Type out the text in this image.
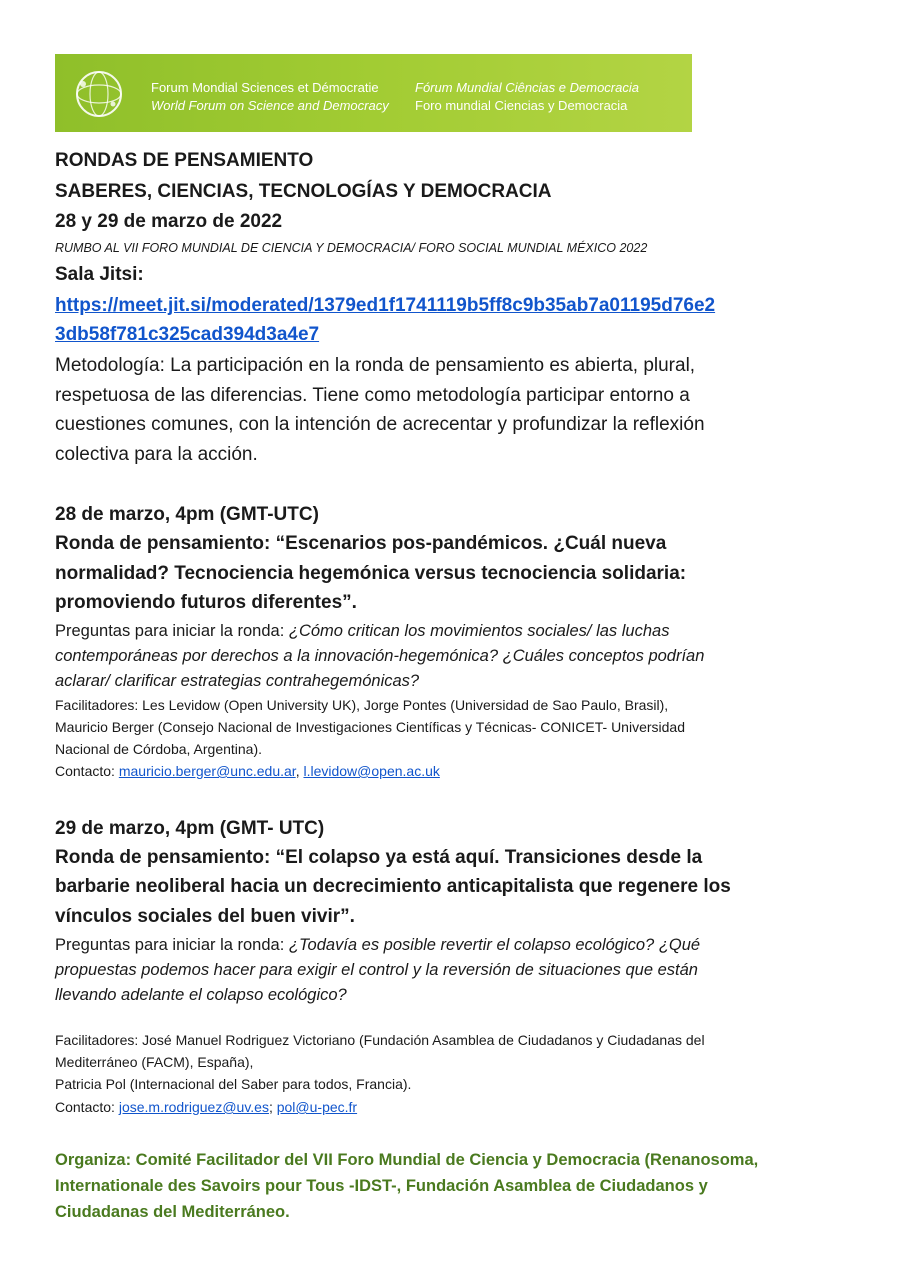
Forum Mondial Sciences et Démocratie
World Forum on Science and Democracy
Fórum Mundial Ciências e Democracia
Foro mundial Ciencias y Democracia
RONDAS DE PENSAMIENTO
SABERES, CIENCIAS, TECNOLOGÍAS Y DEMOCRACIA
28 y 29 de marzo de 2022
RUMBO AL VII FORO MUNDIAL DE CIENCIA Y DEMOCRACIA/ FORO SOCIAL MUNDIAL MÉXICO 2022
Sala Jitsi:
https://meet.jit.si/moderated/1379ed1f1741119b5ff8c9b35ab7a01195d76e2
3db58f781c325cad394d3a4e7
Metodología: La participación en la ronda de pensamiento es abierta, plural,
respetuosa de las diferencias. Tiene como metodología participar entorno a
cuestiones comunes, con la intención de acrecentar y profundizar la reflexión
colectiva para la acción.
28 de marzo, 4pm (GMT-UTC)
Ronda de pensamiento: “Escenarios pos-pandémicos. ¿Cuál nueva
normalidad? Tecnociencia hegemónica versus tecnociencia solidaria:
promoviendo futuros diferentes”.
Preguntas para iniciar la ronda: ¿Cómo critican los movimientos sociales/ las luchas
contemporáneas por derechos a la innovación-hegemónica? ¿Cuáles conceptos podrían
aclarar/ clarificar estrategias contrahegemónicas?
Facilitadores: Les Levidow (Open University UK), Jorge Pontes (Universidad de Sao Paulo, Brasil),
Mauricio Berger (Consejo Nacional de Investigaciones Científicas y Técnicas- CONICET- Universidad
Nacional de Córdoba, Argentina).
Contacto: mauricio.berger@unc.edu.ar, l.levidow@open.ac.uk
29 de marzo, 4pm (GMT- UTC)
Ronda de pensamiento: “El colapso ya está aquí. Transiciones desde la
barbarie neoliberal hacia un decrecimiento anticapitalista que regenere los
vínculos sociales del buen vivir”.
Preguntas para iniciar la ronda: ¿Todavía es posible revertir el colapso ecológico? ¿Qué
propuestas podemos hacer para exigir el control y la reversión de situaciones que están
llevando adelante el colapso ecológico?
Facilitadores: José Manuel Rodriguez Victoriano (Fundación Asamblea de Ciudadanos y Ciudadanas del
Mediterráneo (FACM), España),
Patricia Pol (Internacional del Saber para todos, Francia).
Contacto: jose.m.rodriguez@uv.es; pol@u-pec.fr
Organiza: Comité Facilitador del VII Foro Mundial de Ciencia y Democracia (Renanosoma,
Internationale des Savoirs pour Tous -IDST-, Fundación Asamblea de Ciudadanos y
Ciudadanas del Mediterráneo.
